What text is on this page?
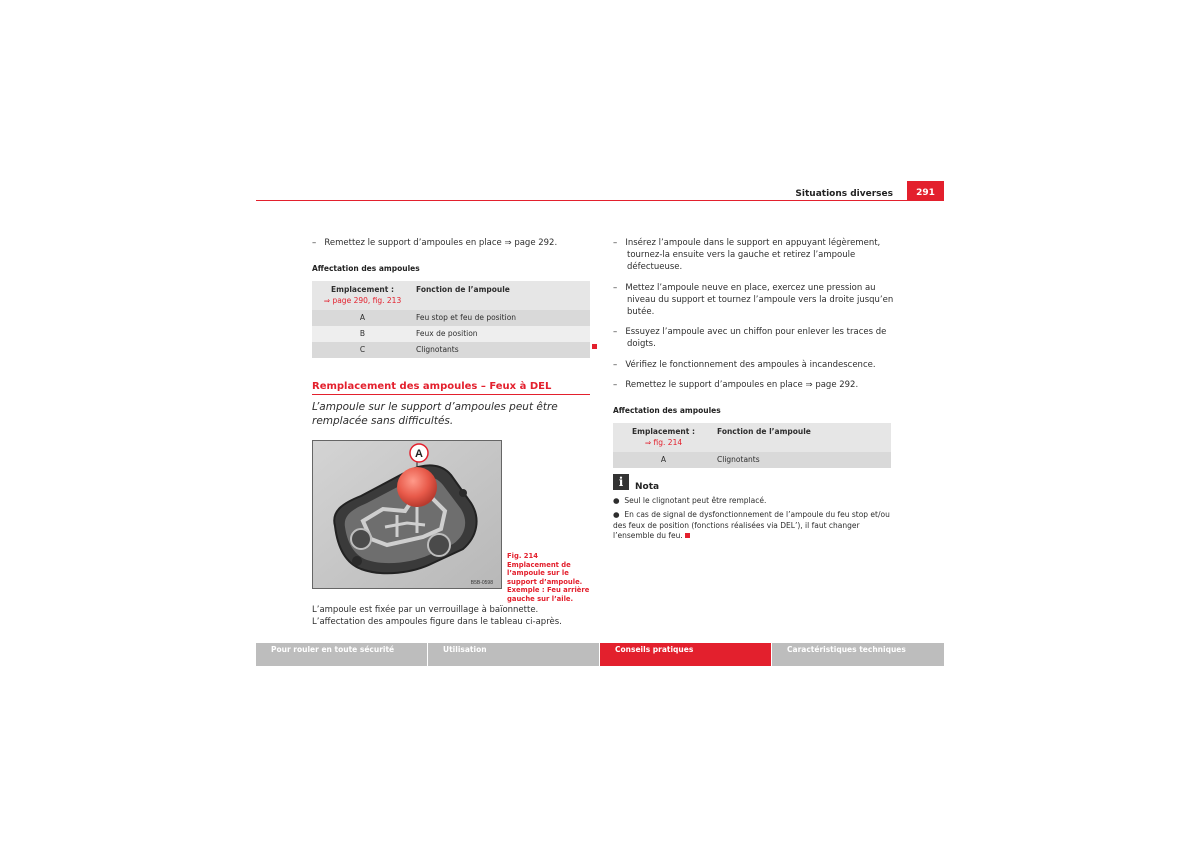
Situations diverses	291
–   Remettez le support d’ampoules en place ⇒ page 292.
Affectation des ampoules
Emplacement :
⇒ page 290, fig. 213	Fonction de l’ampoule
A	Feu stop et feu de position
B	Feux de position
C	Clignotants
Remplacement des ampoules – Feux à DEL
L’ampoule sur le support d’ampoules peut être remplacée sans difficultés.
A
B5B-0598
Fig. 214 Emplacement de l’ampoule sur le support d’ampoule. Exemple : Feu arrière gauche sur l’aile.
L’ampoule est fixée par un verrouillage à baïonnette. L’affectation des ampoules figure dans le tableau ci-après.
–   Insérez l’ampoule dans le support en appuyant légèrement, tournez-la ensuite vers la gauche et retirez l’ampoule défectueuse.
–   Mettez l’ampoule neuve en place, exercez une pression au niveau du support et tournez l’ampoule vers la droite jusqu’en butée.
–   Essuyez l’ampoule avec un chiffon pour enlever les traces de doigts.
–   Vérifiez le fonctionnement des ampoules à incandescence.
–   Remettez le support d’ampoules en place ⇒ page 292.
Affectation des ampoules
Emplacement :
⇒ fig. 214	Fonction de l’ampoule
A	Clignotants
i	Nota
● Seul le clignotant peut être remplacé.
● En cas de signal de dysfonctionnement de l’ampoule du feu stop et/ou des feux de position (fonctions réalisées via DEL’), il faut changer l’ensemble du feu.
Pour rouler en toute sécurité	Utilisation	Conseils pratiques	Caractéristiques techniques
